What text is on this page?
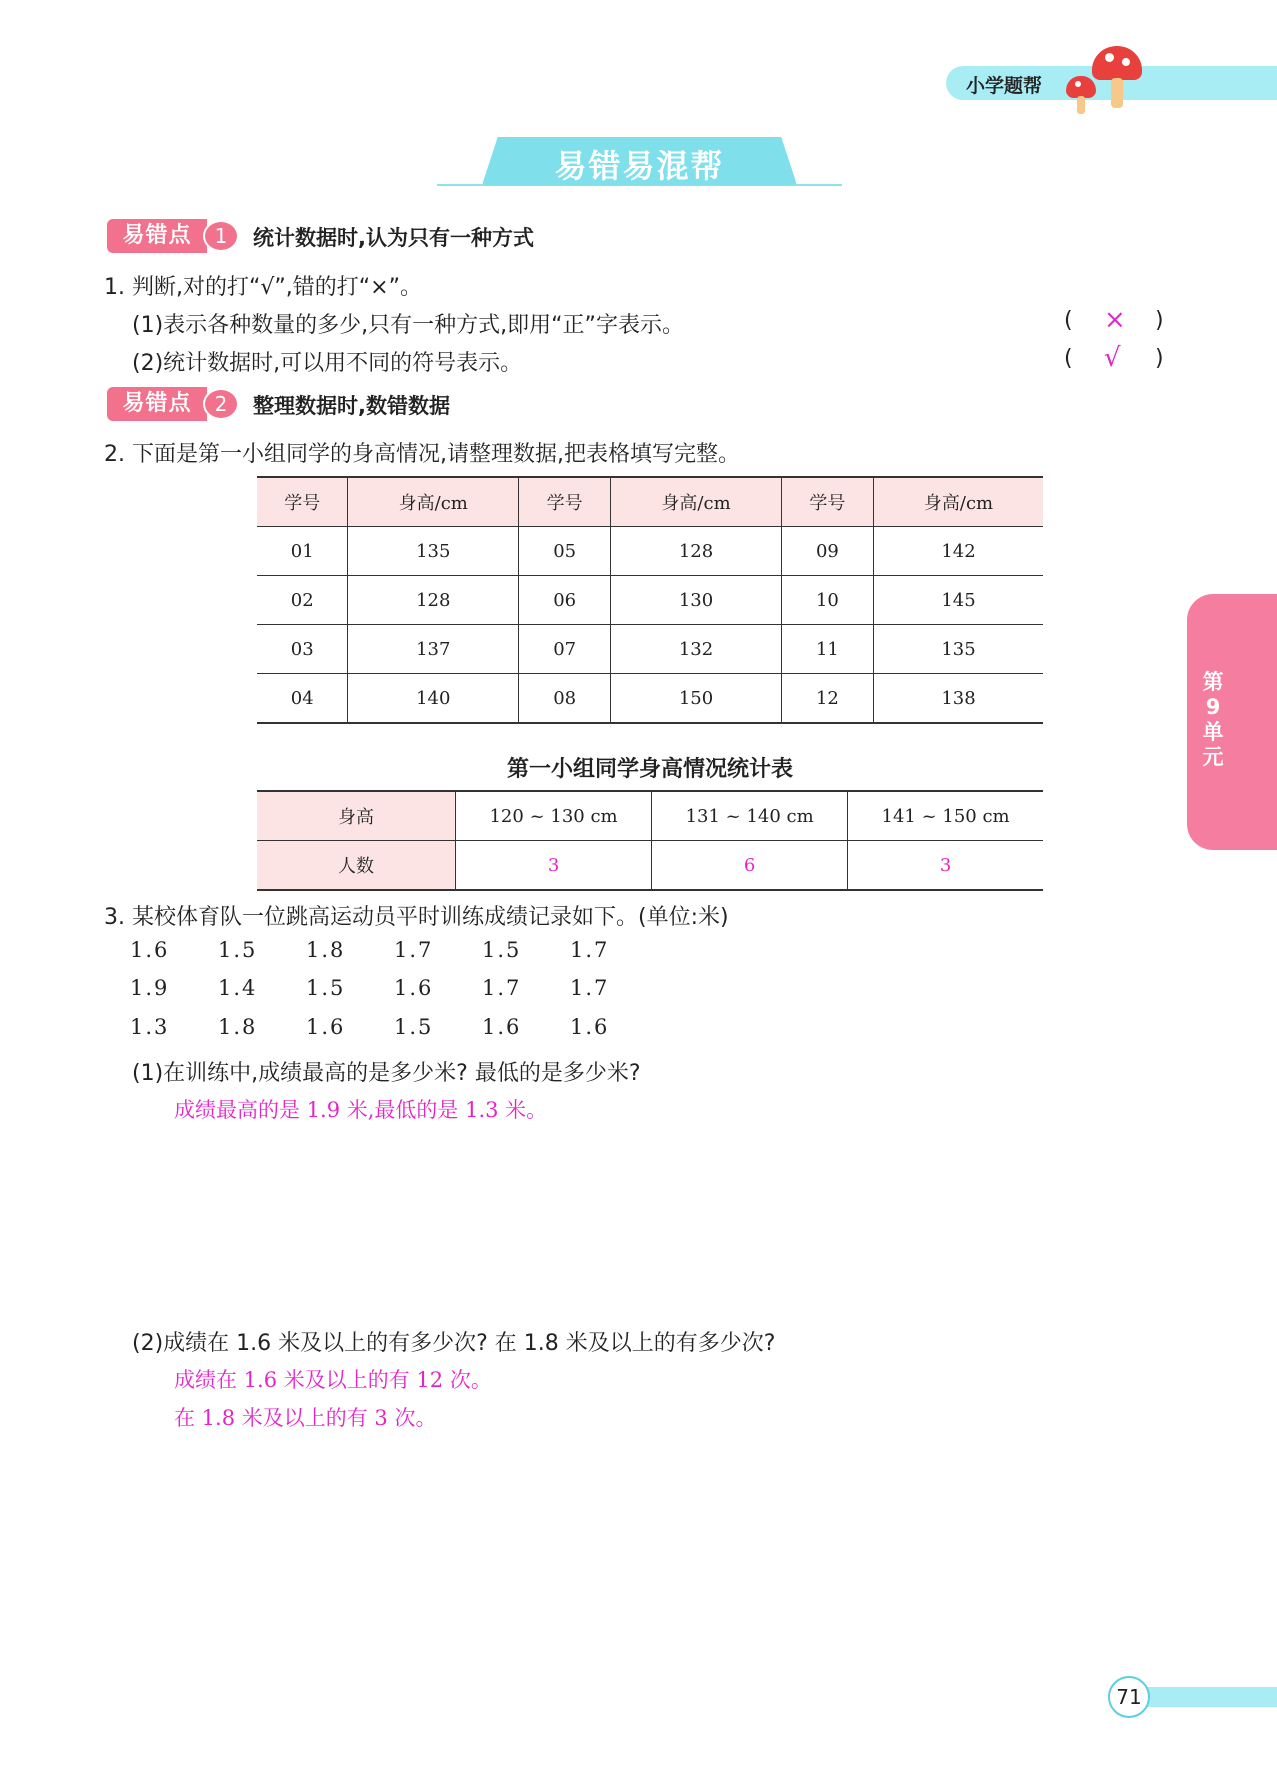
小学题帮
易错易混帮
易错点	1	统计数据时,认为只有一种方式
1. 判断,对的打“√”,错的打“×”。
(1)表示各种数量的多少,只有一种方式,即用“正”字表示。	( × )
(2)统计数据时,可以用不同的符号表示。	( √ )
易错点	2	整理数据时,数错数据
2. 下面是第一小组同学的身高情况,请整理数据,把表格填写完整。
学号	身高/cm	学号	身高/cm	学号	身高/cm
01	135	05	128	09	142
02	128	06	130	10	145
03	137	07	132	11	135
04	140	08	150	12	138
第一小组同学身高情况统计表
身高	120 ~ 130 cm	131 ~ 140 cm	141 ~ 150 cm
人数	3	6	3
3. 某校体育队一位跳高运动员平时训练成绩记录如下。(单位:米)
1.6 1.5 1.8 1.7 1.5 1.7
1.9 1.4 1.5 1.6 1.7 1.7
1.3 1.8 1.6 1.5 1.6 1.6
(1)在训练中,成绩最高的是多少米? 最低的是多少米?
成绩最高的是 1.9 米,最低的是 1.3 米。
(2)成绩在 1.6 米及以上的有多少次? 在 1.8 米及以上的有多少次?
成绩在 1.6 米及以上的有 12 次。
在 1.8 米及以上的有 3 次。
第
9
单
元
71
